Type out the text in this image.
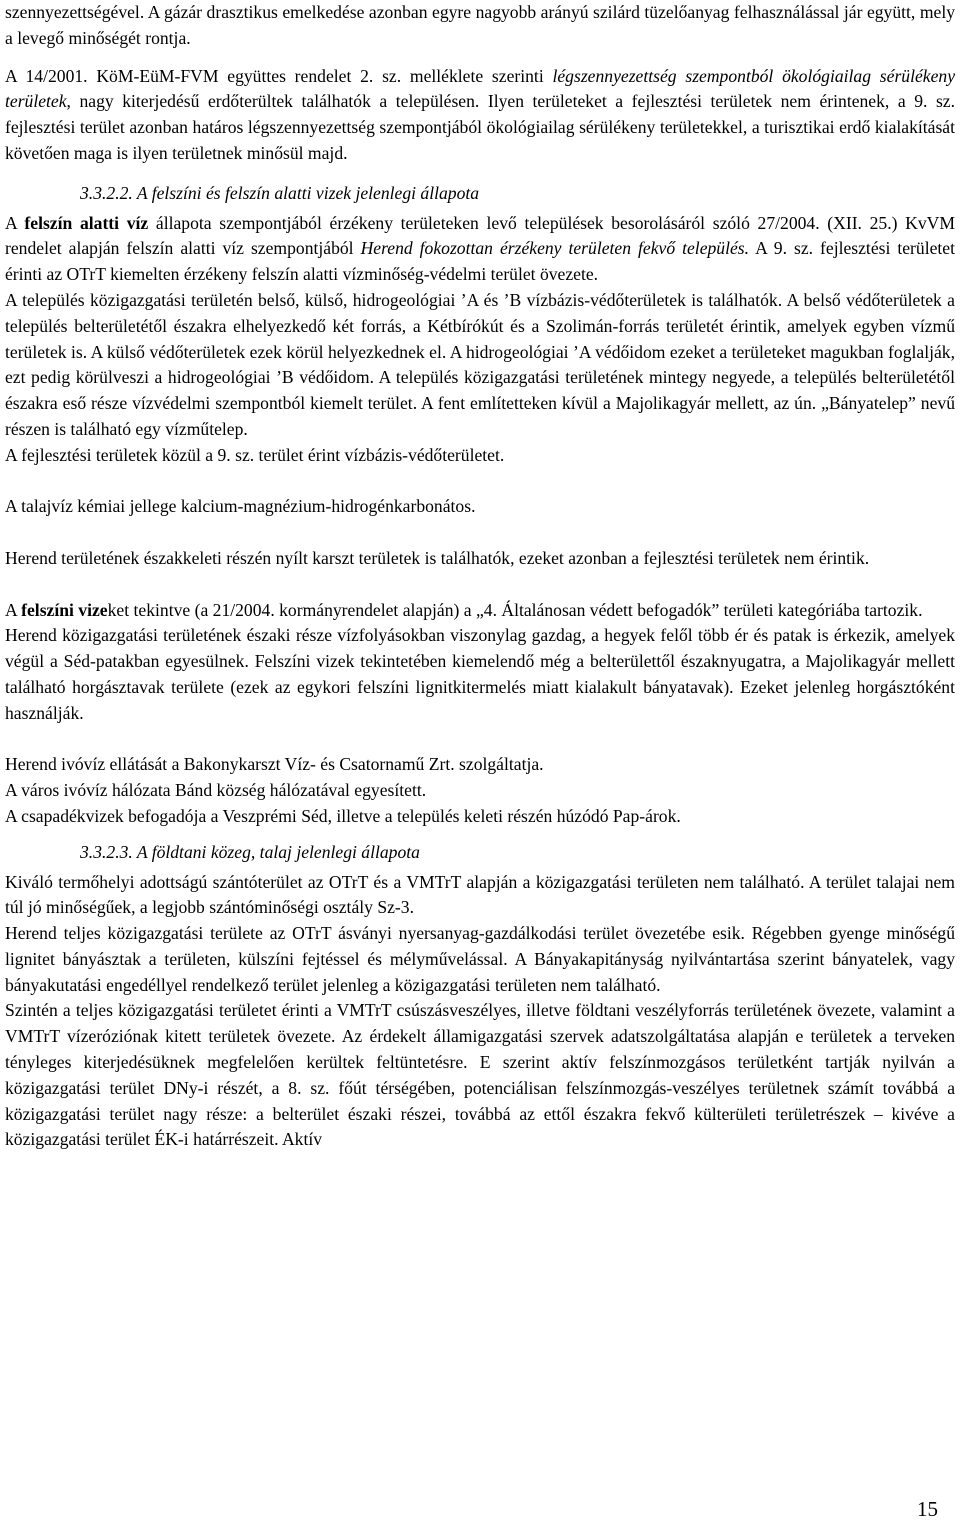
szennyezettségével. A gázár drasztikus emelkedése azonban egyre nagyobb arányú szilárd tüzelőanyag felhasználással jár együtt, mely a levegő minőségét rontja.

A 14/2001. KöM-EüM-FVM együttes rendelet 2. sz. melléklete szerinti légszennyezettség szempontból ökológiailag sérülékeny területek, nagy kiterjedésű erdőterültek találhatók a településen. Ilyen területeket a fejlesztési területek nem érintenek, a 9. sz. fejlesztési terület azonban határos légszennyezettség szempontjából ökológiailag sérülékeny területekkel, a turisztikai erdő kialakítását követően maga is ilyen területnek minősül majd.

3.3.2.2. A felszíni és felszín alatti vizek jelenlegi állapota

A felszín alatti víz állapota szempontjából érzékeny területeken levő települések besorolásáról szóló 27/2004. (XII. 25.) KvVM rendelet alapján felszín alatti víz szempontjából Herend fokozottan érzékeny területen fekvő település. A 9. sz. fejlesztési területet érinti az OTrT kiemelten érzékeny felszín alatti vízminőség-védelmi terület övezete.

A település közigazgatási területén belső, külső, hidrogeológiai ’A és ’B vízbázis-védőterületek is találhatók. A belső védőterületek a település belterületétől északra elhelyezkedő két forrás, a Kétbírókút és a Szolimán-forrás területét érintik, amelyek egyben vízmű területek is. A külső védőterületek ezek körül helyezkednek el. A hidrogeológiai ’A védőidom ezeket a területeket magukban foglalják, ezt pedig körülveszi a hidrogeológiai ’B védőidom. A település közigazgatási területének mintegy negyede, a település belterületétől északra eső része vízvédelmi szempontból kiemelt terület. A fent említetteken kívül a Majolikagyár mellett, az ún. „Bányatelep” nevű részen is található egy vízműtelep.

A fejlesztési területek közül a 9. sz. terület érint vízbázis-védőterületet.

A talajvíz kémiai jellege kalcium-magnézium-hidrogénkarbonátos.

Herend területének északkeleti részén nyílt karszt területek is találhatók, ezeket azonban a fejlesztési területek nem érintik.

A felszíni vizeket tekintve (a 21/2004. kormányrendelet alapján) a „4. Általánosan védett befogadók” területi kategóriába tartozik.

Herend közigazgatási területének északi része vízfolyásokban viszonylag gazdag, a hegyek felől több ér és patak is érkezik, amelyek végül a Séd-patakban egyesülnek. Felszíni vizek tekintetében kiemelendő még a belterülettől északnyugatra, a Majolikagyár mellett található horgásztavak területe (ezek az egykori felszíni lignitkitermelés miatt kialakult bányatavak). Ezeket jelenleg horgásztóként használják.

Herend ivóvíz ellátását a Bakonykarszt Víz- és Csatornamű Zrt. szolgáltatja.

A város ivóvíz hálózata Bánd község hálózatával egyesített.

A csapadékvizek befogadója a Veszprémi Séd, illetve a település keleti részén húzódó Pap-árok.

3.3.2.3. A földtani közeg, talaj jelenlegi állapota

Kiváló termőhelyi adottságú szántóterület az OTrT és a VMTrT alapján a közigazgatási területen nem található. A terület talajai nem túl jó minőségűek, a legjobb szántóminőségi osztály Sz-3.

Herend teljes közigazgatási területe az OTrT ásványi nyersanyag-gazdálkodási terület övezetébe esik. Régebben gyenge minőségű lignitet bányásztak a területen, külszíni fejtéssel és mélyművelással. A Bányakapitányság nyilvántartása szerint bányatelek, vagy bányakutatási engedéllyel rendelkező terület jelenleg a közigazgatási területen nem található.

Szintén a teljes közigazgatási területet érinti a VMTrT csúszásveszélyes, illetve földtani veszélyforrás területének övezete, valamint a VMTrT vízeróziónak kitett területek övezete. Az érdekelt államigazgatási szervek adatszolgáltatása alapján e területek a terveken tényleges kiterjedésüknek megfelelően kerültek feltüntetésre. E szerint aktív felszínmozgásos területként tartják nyilván a közigazgatási terület DNy-i részét, a 8. sz. főút térségében, potenciálisan felszínmozgás-veszélyes területnek számít továbbá a közigazgatási terület nagy része: a belterület északi részei, továbbá az ettől északra fekvő külterületi területrészek – kivéve a közigazgatási terület ÉK-i határrészeit. Aktív

15
